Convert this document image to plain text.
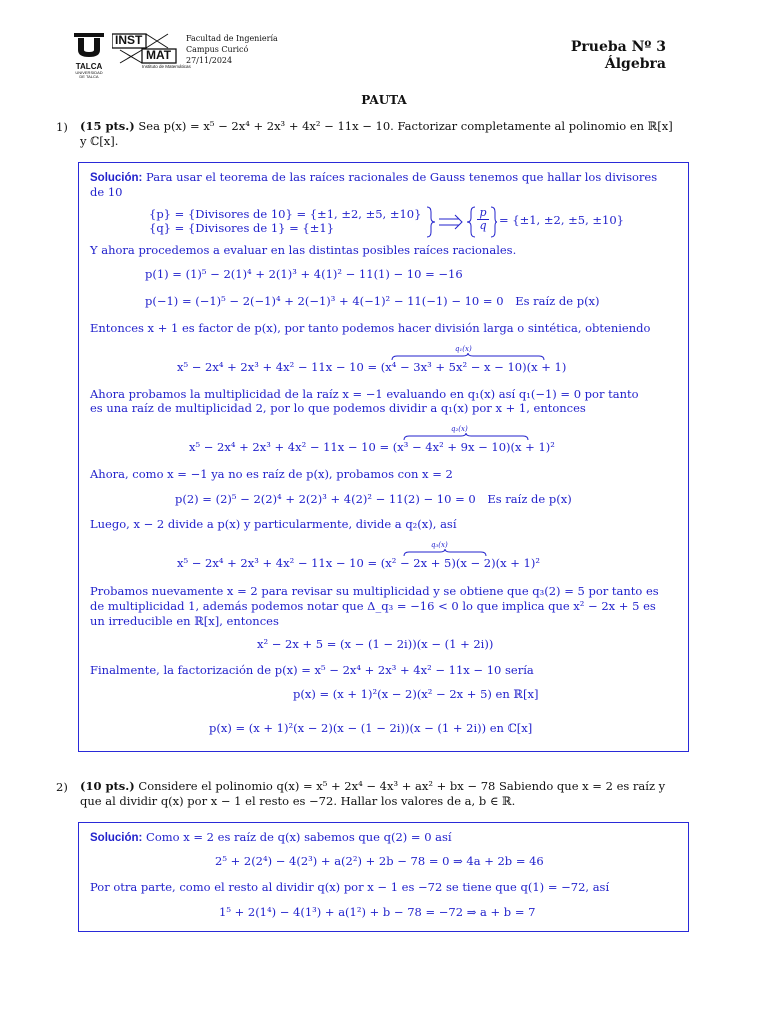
TALCA
UNIVERSIDAD
DE TALCA
INST
MAT
Instituto de Matemáticas
Facultad de Ingeniería
Campus Curicó
27/11/2024
Prueba Nº 3
Álgebra
PAUTA
1) (15 pts.) Sea p(x) = x⁵ − 2x⁴ + 2x³ + 4x² − 11x − 10. Factorizar completamente al polinomio en ℝ[x]
y ℂ[x].
Solución: Para usar el teorema de las raíces racionales de Gauss tenemos que hallar los divisores
de 10
{p} = {Divisores de 10} = {±1, ±2, ±5, ±10}
{q} = {Divisores de 1} = {±1}
p
q = {±1, ±2, ±5, ±10}
Y ahora procedemos a evaluar en las distintas posibles raíces racionales.
p(1) = (1)⁵ − 2(1)⁴ + 2(1)³ + 4(1)² − 11(1) − 10 = −16
p(−1) = (−1)⁵ − 2(−1)⁴ + 2(−1)³ + 4(−1)² − 11(−1) − 10 = 0 Es raíz de p(x)
Entonces x + 1 es factor de p(x), por tanto podemos hacer división larga o sintética, obteniendo
q₁(x)
x⁵ − 2x⁴ + 2x³ + 4x² − 11x − 10 = (x⁴ − 3x³ + 5x² − x − 10)(x + 1)
Ahora probamos la multiplicidad de la raíz x = −1 evaluando en q₁(x) así q₁(−1) = 0 por tanto
es una raíz de multiplicidad 2, por lo que podemos dividir a q₁(x) por x + 1, entonces
q₂(x)
x⁵ − 2x⁴ + 2x³ + 4x² − 11x − 10 = (x³ − 4x² + 9x − 10)(x + 1)²
Ahora, como x = −1 ya no es raíz de p(x), probamos con x = 2
p(2) = (2)⁵ − 2(2)⁴ + 2(2)³ + 4(2)² − 11(2) − 10 = 0 Es raíz de p(x)
Luego, x − 2 divide a p(x) y particularmente, divide a q₂(x), así
q₃(x)
x⁵ − 2x⁴ + 2x³ + 4x² − 11x − 10 = (x² − 2x + 5)(x − 2)(x + 1)²
Probamos nuevamente x = 2 para revisar su multiplicidad y se obtiene que q₃(2) = 5 por tanto es
de multiplicidad 1, además podemos notar que Δ_q₃ = −16 < 0 lo que implica que x² − 2x + 5 es
un irreducible en ℝ[x], entonces
x² − 2x + 5 = (x − (1 − 2i))(x − (1 + 2i))
Finalmente, la factorización de p(x) = x⁵ − 2x⁴ + 2x³ + 4x² − 11x − 10 sería
p(x) = (x + 1)²(x − 2)(x² − 2x + 5) en ℝ[x]
p(x) = (x + 1)²(x − 2)(x − (1 − 2i))(x − (1 + 2i)) en ℂ[x]
2) (10 pts.) Considere el polinomio q(x) = x⁵ + 2x⁴ − 4x³ + ax² + bx − 78 Sabiendo que x = 2 es raíz y
que al dividir q(x) por x − 1 el resto es −72. Hallar los valores de a, b ∈ ℝ.
Solución: Como x = 2 es raíz de q(x) sabemos que q(2) = 0 así
2⁵ + 2(2⁴) − 4(2³) + a(2²) + 2b − 78 = 0 ⇒ 4a + 2b = 46
Por otra parte, como el resto al dividir q(x) por x − 1 es −72 se tiene que q(1) = −72, así
1⁵ + 2(1⁴) − 4(1³) + a(1²) + b − 78 = −72 ⇒ a + b = 7
